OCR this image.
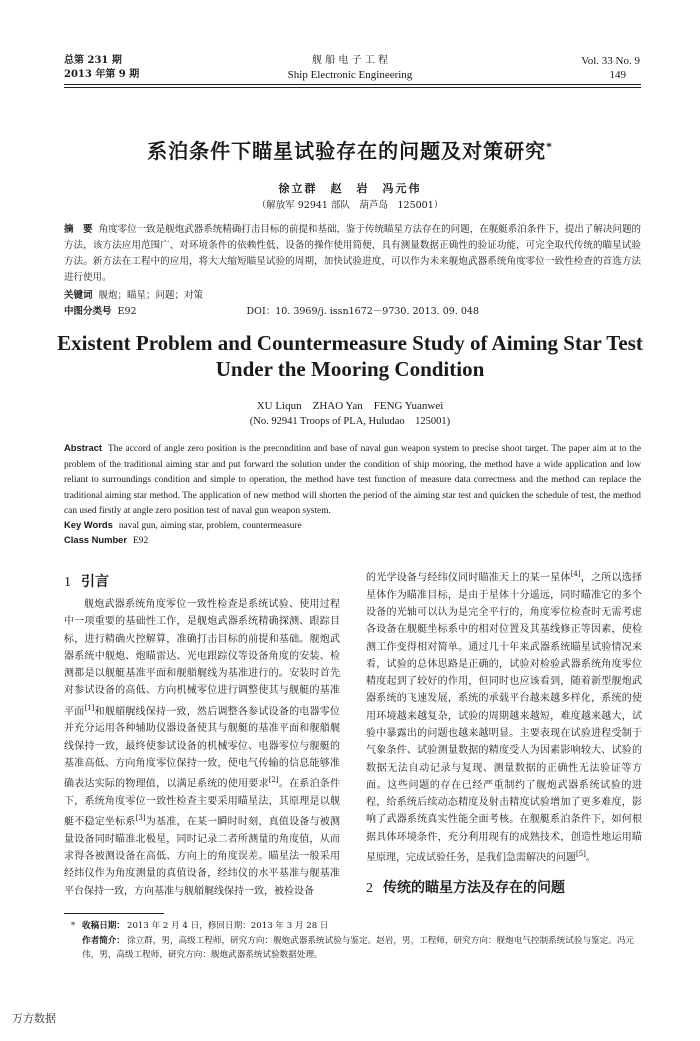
总第 231 期
2013 年第 9 期
舰 船 电 子 工 程
Ship Electronic Engineering
Vol. 33 No. 9
149
系泊条件下瞄星试验存在的问题及对策研究*
徐立群　赵　岩　冯元伟
（解放军 92941 部队　葫芦岛　125001）
摘　要 角度零位一致是舰炮武器系统精确打击目标的前提和基础，鉴于传统瞄星方法存在的问题，在舰艇系泊条件下，提出了解决问题的方法，该方法应用范围广、对环境条件的依赖性低、设备的操作使用简便，具有测量数据正确性的验证功能，可完全取代传统的瞄星试验方法。新方法在工程中的应用，将大大缩短瞄星试验的周期，加快试验进度，可以作为未来舰炮武器系统角度零位一致性检查的首选方法进行使用。
关键词 舰炮；瞄星；问题；对策
中图分类号 E92	DOI：10. 3969/j. issn1672－9730. 2013. 09. 048
Existent Problem and Countermeasure Study of Aiming Star Test
Under the Mooring Condition
XU Liqun　ZHAO Yan　FENG Yuanwei
(No. 92941 Troops of PLA, Huludao　125001)
Abstract The accord of angle zero position is the precondition and base of naval gun weapon system to precise shoot target. The paper aim at to the problem of the traditional aiming star and put forward the solution under the condition of ship mooring, the method have a wide application and low reliant to surroundings condition and simple to operation, the method have test function of measure data correctness and the method can replace the traditional aiming star method. The application of new method will shorten the period of the aiming star test and quicken the schedule of test, the method can used firstly at angle zero position test of naval gun weapon system.
Key Words naval gun, aiming star, problem, countermeasure
Class Number E92
1 引言
舰炮武器系统角度零位一致性检查是系统试验、使用过程中一项重要的基础性工作，是舰炮武器系统精确探测、跟踪目标，进行精确火控解算，准确打击目标的前提和基础。舰炮武器系统中舰炮、炮瞄雷达、光电跟踪仪等设备角度的安装、检测都是以舰艇基准平面和舰艏艉线为基准进行的。安装时首先对参试设备的高低、方向机械零位进行调整使其与舰艇的基准平面[1]和舰艏艉线保持一致，然后调整各参试设备的电器零位并充分运用各种辅助仪器设备使其与舰艇的基准平面和舰艏艉线保持一致，最终使参试设备的机械零位、电器零位与舰艇的基准高低、方向角度零位保持一致，使电气传输的信息能够准确表达实际的物理值，以满足系统的使用要求[2]。在系泊条件下，系统角度零位一致性检查主要采用瞄星法，其原理是以舰艇不稳定坐标系[3]为基准，在某一瞬时时刻，真值设备与被测量设备同时瞄准北极星，同时记录二者所测量的角度值，从而求得各被测设备在高低、方向上的角度误差。瞄星法一般采用经纬仪作为角度测量的真值设备，经纬仪的水平基准与舰基准平台保持一致，方向基准与舰艏艉线保持一致，被检设备
的光学设备与经纬仪同时瞄准天上的某一星体[4]，之所以选择星体作为瞄准目标，是由于星体十分遥远，同时瞄准它的多个设备的光轴可以认为是完全平行的，角度零位检查时无需考虑各设备在舰艇坐标系中的相对位置及其基线修正等因素，使检测工作变得相对简单。通过几十年来武器系统瞄星试验情况来看，试验的总体思路是正确的，试验对检验武器系统角度零位精度起到了较好的作用，但同时也应该看到，随着新型舰炮武器系统的飞速发展，系统的承载平台越来越多样化，系统的使用环境越来越复杂，试验的周期越来越短，难度越来越大，试验中暴露出的问题也越来越明显。主要表现在试验进程受制于气象条件、试验测量数据的精度受人为因素影响较大、试验的数据无法自动记录与复现、测量数据的正确性无法验证等方面。这些问题的存在已经严重制约了舰炮武器系统试验的进程，给系统后续动态精度及射击精度试验增加了更多难度，影响了武器系统真实性能全面考核。在舰艇系泊条件下，如何根据具体环境条件，充分利用现有的成熟技术，创造性地运用瞄星原理，完成试验任务，是我们急需解决的问题[5]。
2 传统的瞄星方法及存在的问题
* 收稿日期： 2013 年 2 月 4 日，修回日期：2013 年 3 月 28 日
作者简介： 徐立群，男，高级工程师，研究方向：舰炮武器系统试验与鉴定。赵岩，男，工程师，研究方向：舰炮电气控制系统试验与鉴定。冯元伟，男，高级工程师，研究方向：舰炮武器系统试验数据处理。
万方数据
